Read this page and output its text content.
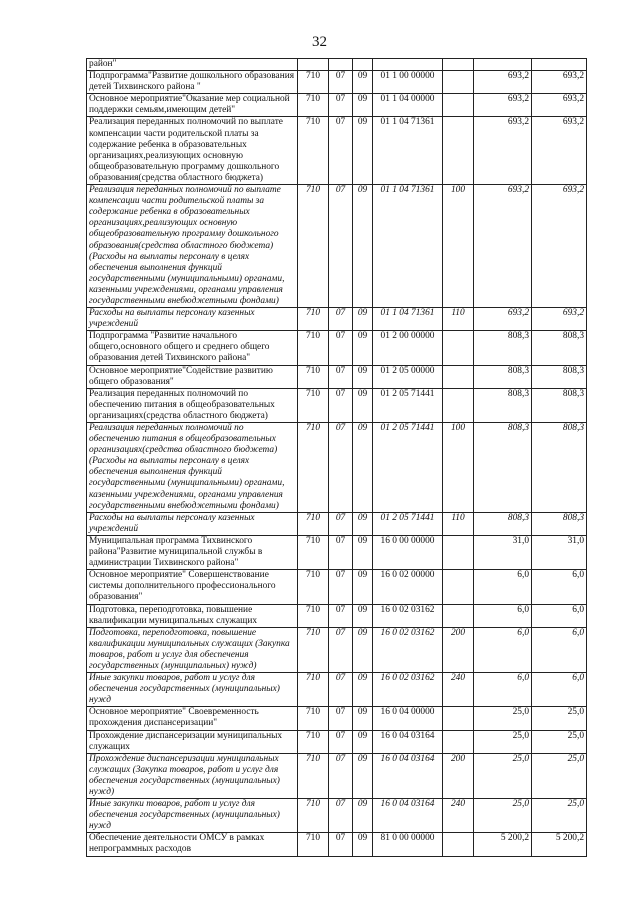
32
район"							
Подпрограмма"Развитие дошкольного образования детей Тихвинского района "	710	07	09	01 1 00 00000		693,2	693,2
Основное мероприятие"Оказание мер социальной поддержки семьям,имеющим детей"	710	07	09	01 1 04 00000		693,2	693,2
Реализация переданных полномочий по выплате компенсации части родительской платы за содержание ребенка в образовательных организациях,реализующих основную общеобразовательную программу дошкольного образования(средства областного бюджета)	710	07	09	01 1 04 71361		693,2	693,2
Реализация переданных полномочий по выплате компенсации части родительской платы за содержание ребенка в образовательных организациях,реализующих основную общеобразовательную программу дошкольного образования(средства областного бюджета) (Расходы на выплаты персоналу в целях обеспечения выполнения функций государственными (муниципальными) органами, казенными учреждениями, органами управления государственными внебюджетными фондами)	710	07	09	01 1 04 71361	100	693,2	693,2
Расходы на выплаты персоналу казенных учреждений	710	07	09	01 1 04 71361	110	693,2	693,2
Подпрограмма "Развитие начального общего,основного общего и среднего общего образования детей Тихвинского района"	710	07	09	01 2 00 00000		808,3	808,3
Основное мероприятие"Содействие развитию общего образования"	710	07	09	01 2 05 00000		808,3	808,3
Реализация переданных полномочий по обеспечению питания в общеобразовательных организациях(средства областного бюджета)	710	07	09	01 2 05 71441		808,3	808,3
Реализация переданных полномочий по обеспечению питания в общеобразовательных организациях(средства областного бюджета) (Расходы на выплаты персоналу в целях обеспечения выполнения функций государственными (муниципальными) органами, казенными учреждениями, органами управления государственными внебюджетными фондами)	710	07	09	01 2 05 71441	100	808,3	808,3
Расходы на выплаты персоналу казенных учреждений	710	07	09	01 2 05 71441	110	808,3	808,3
Муниципальная программа Тихвинского района"Развитие муниципальной службы в администрации Тихвинского района"	710	07	09	16 0 00 00000		31,0	31,0
Основное мероприятие" Совершенствование системы дополнительного профессионального образования"	710	07	09	16 0 02 00000		6,0	6,0
Подготовка, переподготовка, повышение квалификации муниципальных служащих	710	07	09	16 0 02 03162		6,0	6,0
Подготовка, переподготовка, повышение квалификации муниципальных служащих (Закупка товаров, работ и услуг для обеспечения государственных (муниципальных) нужд)	710	07	09	16 0 02 03162	200	6,0	6,0
Иные закупки товаров, работ и услуг для обеспечения государственных (муниципальных) нужд	710	07	09	16 0 02 03162	240	6,0	6,0
Основное мероприятие" Своевременность прохождения диспансеризации"	710	07	09	16 0 04 00000		25,0	25,0
Прохождение диспансеризации муниципальных служащих	710	07	09	16 0 04 03164		25,0	25,0
Прохождение диспансеризации муниципальных служащих (Закупка товаров, работ и услуг для обеспечения государственных (муниципальных) нужд)	710	07	09	16 0 04 03164	200	25,0	25,0
Иные закупки товаров, работ и услуг для обеспечения государственных (муниципальных) нужд	710	07	09	16 0 04 03164	240	25,0	25,0
Обеспечение деятельности ОМСУ в рамках непрограммных расходов	710	07	09	81 0 00 00000		5 200,2	5 200,2
